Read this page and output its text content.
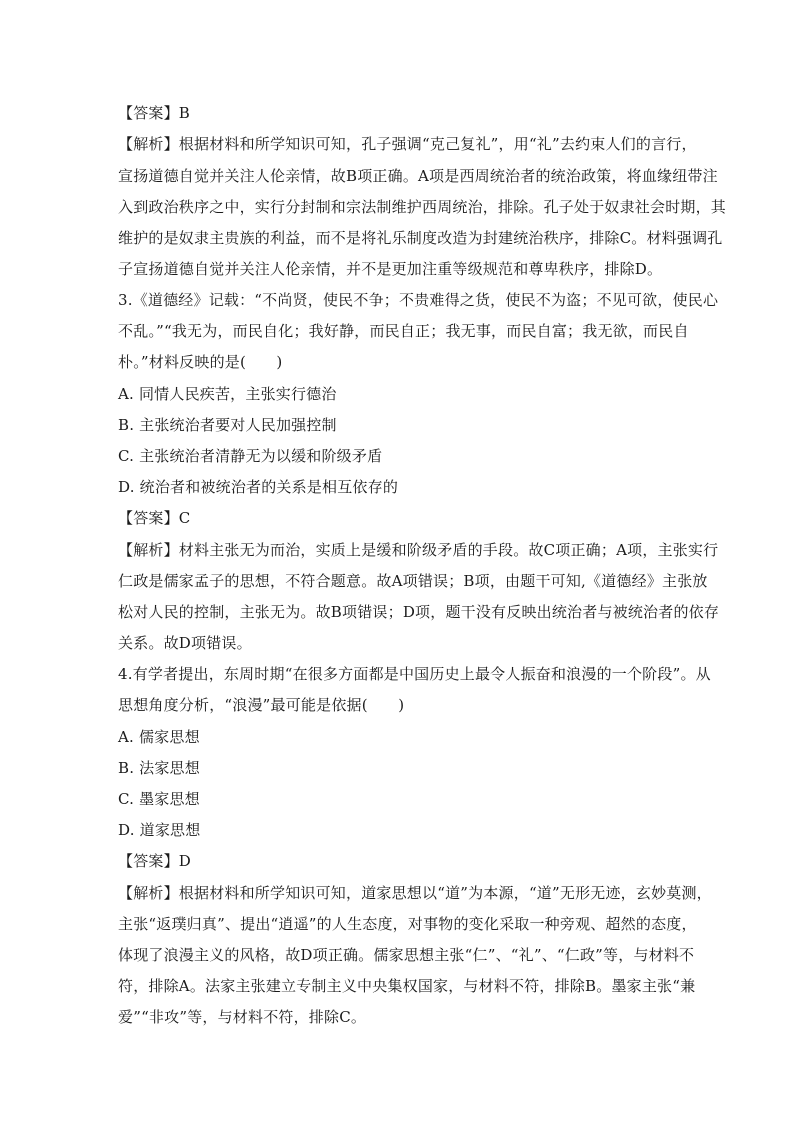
【答案】B
【解析】根据材料和所学知识可知，孔子强调“克己复礼”，用“礼”去约束人们的言行，
宣扬道德自觉并关注人伦亲情，故B项正确。A项是西周统治者的统治政策，将血缘纽带注
入到政治秩序之中，实行分封制和宗法制维护西周统治，排除。孔子处于奴隶社会时期，其
维护的是奴隶主贵族的利益，而不是将礼乐制度改造为封建统治秩序，排除C。材料强调孔
子宣扬道德自觉并关注人伦亲情，并不是更加注重等级规范和尊卑秩序，排除D。
3.《道德经》记载：“不尚贤，使民不争；不贵难得之货，使民不为盗；不见可欲，使民心
不乱。”“我无为，而民自化；我好静，而民自正；我无事，而民自富；我无欲，而民自
朴。”材料反映的是(　　)
A. 同情人民疾苦，主张实行德治
B. 主张统治者要对人民加强控制
C. 主张统治者清静无为以缓和阶级矛盾
D. 统治者和被统治者的关系是相互依存的
【答案】C
【解析】材料主张无为而治，实质上是缓和阶级矛盾的手段。故C项正确；A项，主张实行
仁政是儒家孟子的思想，不符合题意。故A项错误；B项，由题干可知,《道德经》主张放
松对人民的控制，主张无为。故B项错误；D项，题干没有反映出统治者与被统治者的依存
关系。故D项错误。
4.有学者提出，东周时期“在很多方面都是中国历史上最令人振奋和浪漫的一个阶段”。从
思想角度分析，“浪漫”最可能是依据(　　)
A. 儒家思想
B. 法家思想
C. 墨家思想
D. 道家思想
【答案】D
【解析】根据材料和所学知识可知，道家思想以“道”为本源，“道”无形无迹，玄妙莫测，
主张“返璞归真”、提出“逍遥”的人生态度，对事物的变化采取一种旁观、超然的态度，
体现了浪漫主义的风格，故D项正确。儒家思想主张“仁”、“礼”、“仁政”等，与材料不
符，排除A。法家主张建立专制主义中央集权国家，与材料不符，排除B。墨家主张“兼
爱”“非攻”等，与材料不符，排除C。
